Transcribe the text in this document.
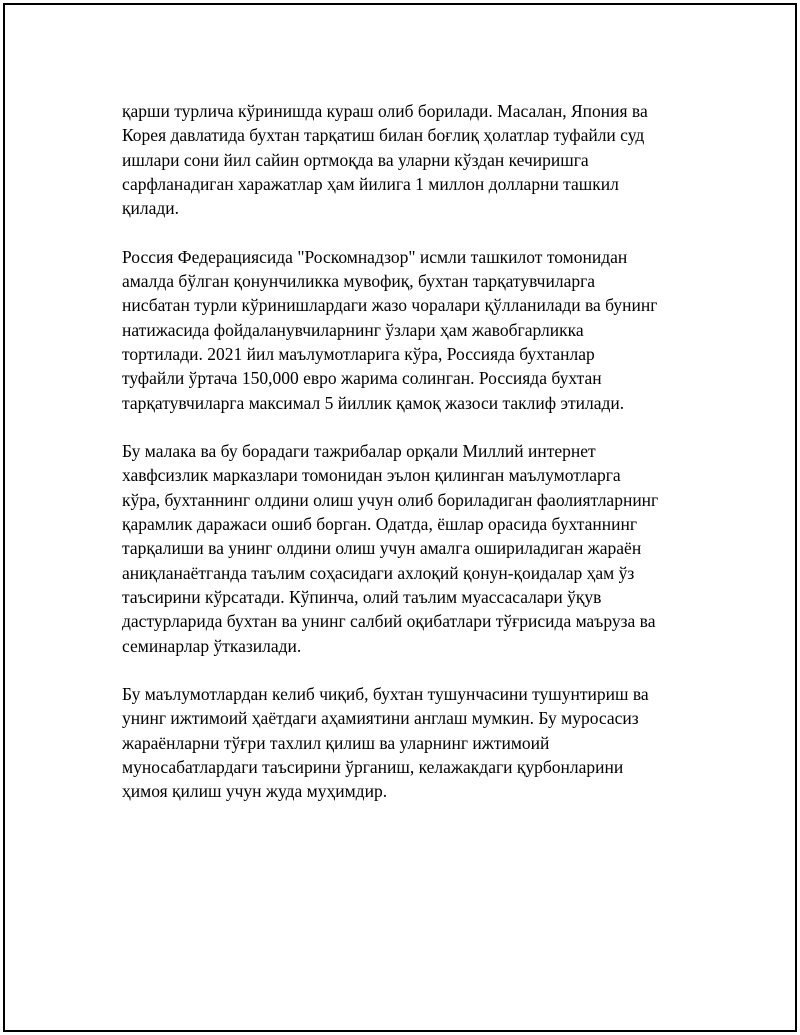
қарши турлича кўринишда кураш олиб борилади. Масалан, Япония ва
Корея давлатида бухтан тарқатиш билан боғлиқ ҳолатлар туфайли суд
ишлари сони йил сайин ортмоқда ва уларни кўздан кечиришга
сарфланадиган харажатлар ҳам йилига 1 миллон долларни ташкил
қилади.

Россия Федерациясида "Роскомнадзор" исмли ташкилот томонидан
амалда бўлган қонунчиликка мувофиқ, бухтан тарқатувчиларга
нисбатан турли кўринишлардаги жазо чоралари қўлланилади ва бунинг
натижасида фойдаланувчиларнинг ўзлари ҳам жавобгарликка
тортилади. 2021 йил маълумотларига кўра, Россияда бухтанлар
туфайли ўртача 150,000 евро жарима солинган. Россияда бухтан
тарқатувчиларга максимал 5 йиллик қамоқ жазоси таклиф этилади.

Бу малака ва бу борадаги тажрибалар орқали Миллий интернет
хавфсизлик марказлари томонидан эълон қилинган маълумотларга
кўра, бухтаннинг олдини олиш учун олиб бориладиган фаолиятларнинг
қарамлик даражаси ошиб борган. Одатда, ёшлар орасида бухтаннинг
тарқалиши ва унинг олдини олиш учун амалга ошириладиган жараён
аниқланаётганда таълим соҳасидаги ахлоқий қонун-қоидалар ҳам ўз
таъсирини кўрсатади. Кўпинча, олий таълим муассасалари ўқув
дастурларида бухтан ва унинг салбий оқибатлари тўғрисида маъруза ва
семинарлар ўтказилади.

Бу маълумотлардан келиб чиқиб, бухтан тушунчасини тушунтириш ва
унинг ижтимоий ҳаётдаги аҳамиятини англаш мумкин. Бу муросасиз
жараёнларни тўғри тахлил қилиш ва уларнинг ижтимоий
муносабатлардаги таъсирини ўрганиш, келажакдаги қурбонларини
ҳимоя қилиш учун жуда муҳимдир.
